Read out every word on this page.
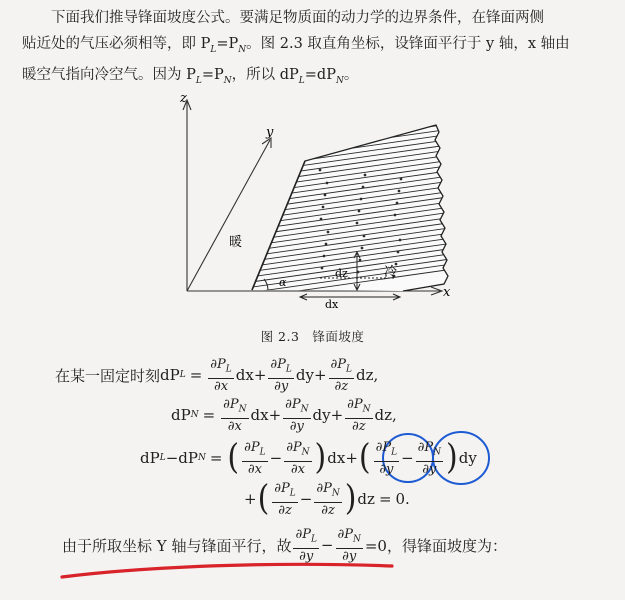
下面我们推导锋面坡度公式。要满足物质面的动力学的边界条件，在锋面两侧

贴近处的气压必须相等，即 $P_L=P_N$。图 2.3 取直角坐标，设锋面平行于 y 轴，x 轴由

暖空气指向冷空气。因为 $P_L=P_N$，所以 $dP_L=dP_N$。

z
y
x
暖
冷
dz
dx
α
图 2.3　锋面坡度
在某一固定时刻 dP $L = \frac{\partial P_L}{\partial x}$ dx + $\frac{\partial P_L}{\partial y}$ dy + $\frac{\partial P_L}{\partial z}$ dz ,
dP $N = \frac{\partial P_N}{\partial x}$ dx + $\frac{\partial P_N}{\partial y}$ dy + $\frac{\partial P_N}{\partial z}$ dz ,
dP L − dP N = ( $\frac{\partial P_L}{\partial x} - \frac{\partial P_N}{\partial x}$ ) dx + ( $\frac{\partial P_L}{\partial y} - \frac{\partial P_N}{\partial y}$ ) dy
+ ( $\frac{\partial P_L}{\partial z} - \frac{\partial P_N}{\partial z}$ ) dz = 0.
由于所取坐标 Y 轴与锋面平行，故 $\frac{\partial P_L}{\partial y} - \frac{\partial P_N}{\partial y} =0$，得锋面坡度为：
